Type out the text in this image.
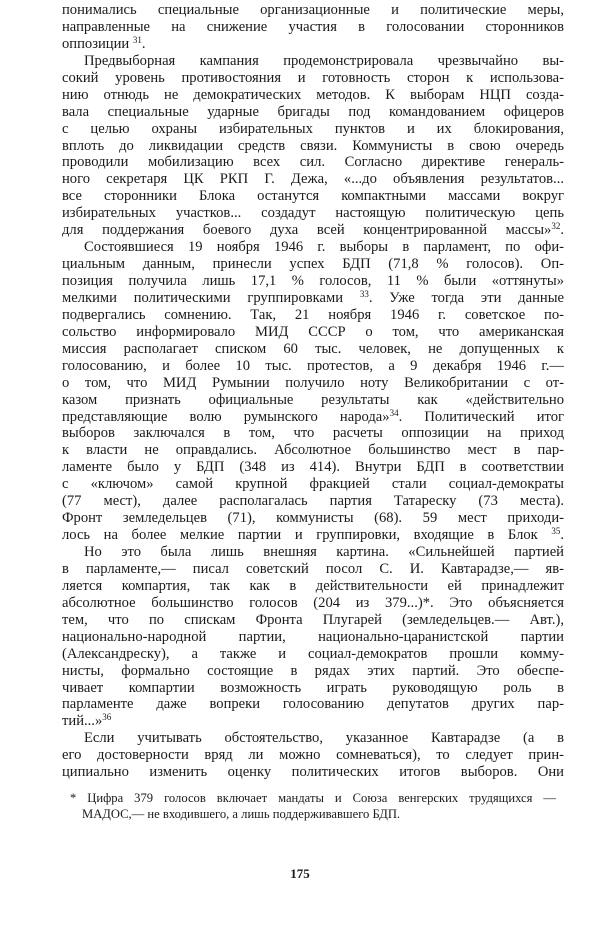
понимались специальные организационные и политические меры,
направленные на снижение участия в голосовании сторонников
оппозиции $^{31}$.
Предвыборная кампания продемонстрировала чрезвычайно вы-
сокий уровень противостояния и готовность сторон к использова-
нию отнюдь не демократических методов. К выборам НЦП созда-
вала специальные ударные бригады под командованием офицеров
с целью охраны избирательных пунктов и их блокирования,
вплоть до ликвидации средств связи. Коммунисты в свою очередь
проводили мобилизацию всех сил. Согласно директиве генераль-
ного секретаря ЦК РКП Г. Дежа, «...до объявления результатов...
все сторонники Блока останутся компактными массами вокруг
избирательных участков... создадут настоящую политическую цепь
для поддержания боевого духа всей концентрированной массы»$^{32}$.
Состоявшиеся 19 ноября 1946 г. выборы в парламент, по офи-
циальным данным, принесли успех БДП (71,8 % голосов). Оп-
позиция получила лишь 17,1 % голосов, 11 % были «оттянуты»
мелкими политическими группировками $^{33}$. Уже тогда эти данные
подвергались сомнению. Так, 21 ноября 1946 г. советское по-
сольство информировало МИД СССР о том, что американская
миссия располагает списком 60 тыс. человек, не допущенных к
голосованию, и более 10 тыс. протестов, а 9 декабря 1946 г.—
о том, что МИД Румынии получило ноту Великобритании с от-
казом признать официальные результаты как «действительно
представляющие волю румынского народа»$^{34}$. Политический итог
выборов заключался в том, что расчеты оппозиции на приход
к власти не оправдались. Абсолютное большинство мест в пар-
ламенте было у БДП (348 из 414). Внутри БДП в соответствии
с «ключом» самой крупной фракцией стали социал-демократы
(77 мест), далее располагалась партия Татареску (73 места).
Фронт земледельцев (71), коммунисты (68). 59 мест приходи-
лось на более мелкие партии и группировки, входящие в Блок $^{35}$.
Но это была лишь внешняя картина. «Сильнейшей партией
в парламенте,— писал советский посол С. И. Кавтарадзе,— яв-
ляется компартия, так как в действительности ей принадлежит
абсолютное большинство голосов (204 из 379...)*. Это объясняется
тем, что по спискам Фронта Плугарей (земледельцев.— Авт.),
национально-народной партии, национально-царанистской партии
(Александреску), а также и социал-демократов прошли комму-
нисты, формально состоящие в рядах этих партий. Это обеспе-
чивает компартии возможность играть руководящую роль в
парламенте даже вопреки голосованию депутатов других пар-
тий...»$^{36}$
Если учитывать обстоятельство, указанное Кавтарадзе (а в
его достоверности вряд ли можно сомневаться), то следует прин-
ципиально изменить оценку политических итогов выборов. Они
* Цифра 379 голосов включает мандаты и Союза венгерских трудящихся —
МАДОС,— не входившего, а лишь поддерживавшего БДП.
175
